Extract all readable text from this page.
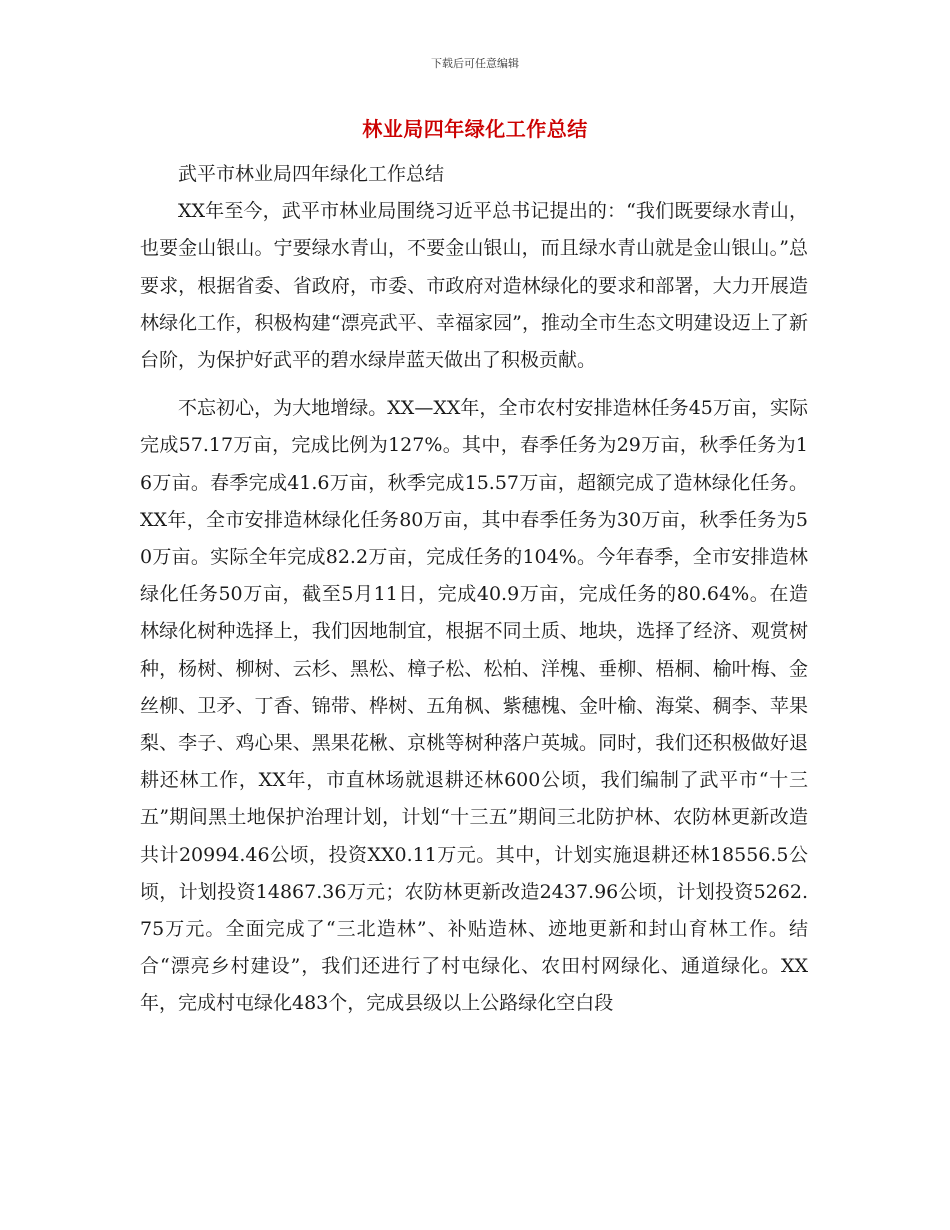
下载后可任意编辑
林业局四年绿化工作总结

武平市林业局四年绿化工作总结

XX年至今，武平市林业局围绕习近平总书记提出的：“我们既要绿水青山，也要金山银山。宁要绿水青山，不要金山银山，而且绿水青山就是金山银山。”总要求，根据省委、省政府，市委、市政府对造林绿化的要求和部署，大力开展造林绿化工作，积极构建“漂亮武平、幸福家园”，推动全市生态文明建设迈上了新台阶，为保护好武平的碧水绿岸蓝天做出了积极贡献。

不忘初心，为大地增绿。XX—XX年，全市农村安排造林任务45万亩，实际完成57.17万亩，完成比例为127%。其中，春季任务为29万亩，秋季任务为16万亩。春季完成41.6万亩，秋季完成15.57万亩，超额完成了造林绿化任务。XX年，全市安排造林绿化任务80万亩，其中春季任务为30万亩，秋季任务为50万亩。实际全年完成82.2万亩，完成任务的104%。今年春季，全市安排造林绿化任务50万亩，截至5月11日，完成40.9万亩，完成任务的80.64%。在造林绿化树种选择上，我们因地制宜，根据不同土质、地块，选择了经济、观赏树种，杨树、柳树、云杉、黑松、樟子松、松柏、洋槐、垂柳、梧桐、榆叶梅、金丝柳、卫矛、丁香、锦带、桦树、五角枫、紫穗槐、金叶榆、海棠、稠李、苹果梨、李子、鸡心果、黑果花楸、京桃等树种落户英城。同时，我们还积极做好退耕还林工作，XX年，市直林场就退耕还林600公顷，我们编制了武平市“十三五”期间黑土地保护治理计划，计划“十三五”期间三北防护林、农防林更新改造共计20994.46公顷，投资XX0.11万元。其中，计划实施退耕还林18556.5公顷，计划投资14867.36万元；农防林更新改造2437.96公顷，计划投资5262.75万元。全面完成了“三北造林”、补贴造林、迹地更新和封山育林工作。结合“漂亮乡村建设”，我们还进行了村屯绿化、农田村网绿化、通道绿化。XX年，完成村屯绿化483个，完成县级以上公路绿化空白段
